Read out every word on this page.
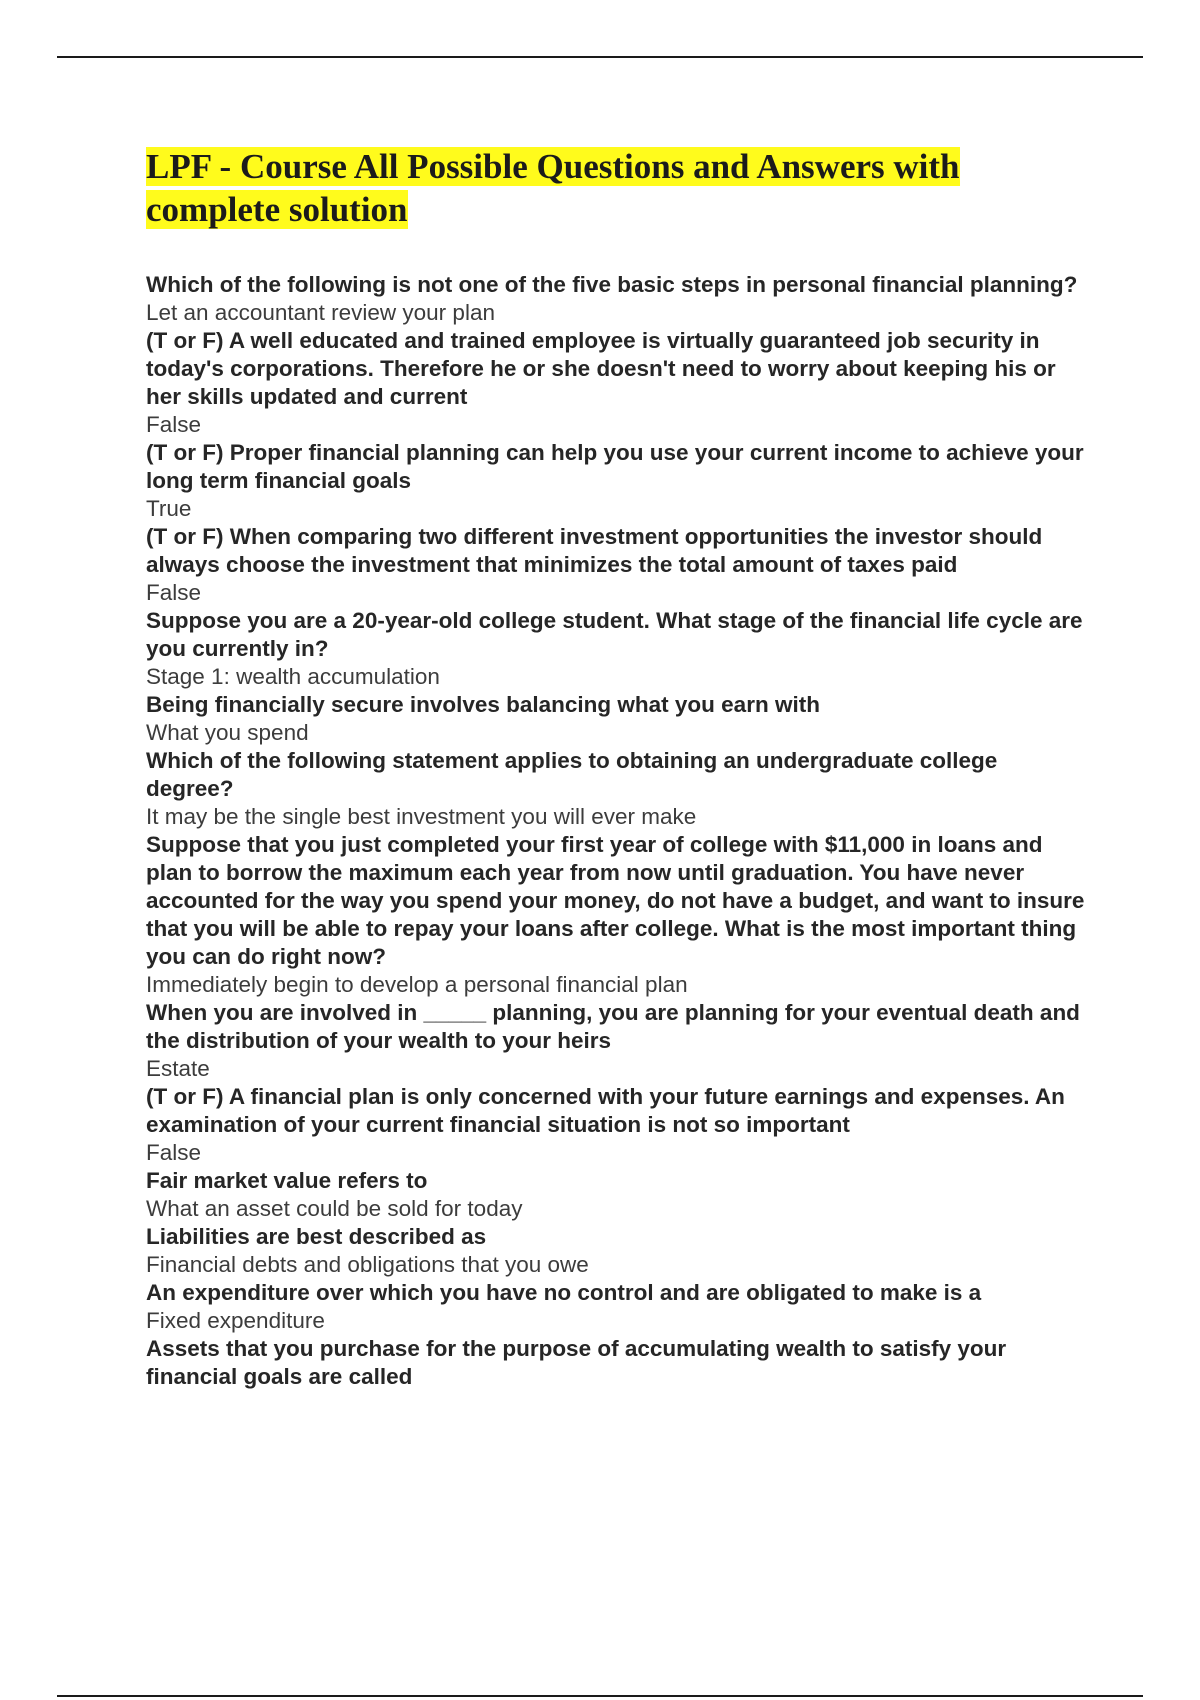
LPF - Course All Possible Questions and Answers with complete solution

Which of the following is not one of the five basic steps in personal financial planning?

Let an accountant review your plan

(T or F) A well educated and trained employee is virtually guaranteed job security in today's corporations. Therefore he or she doesn't need to worry about keeping his or her skills updated and current

False

(T or F) Proper financial planning can help you use your current income to achieve your long term financial goals

True

(T or F) When comparing two different investment opportunities the investor should always choose the investment that minimizes the total amount of taxes paid

False

Suppose you are a 20-year-old college student. What stage of the financial life cycle are you currently in?

Stage 1: wealth accumulation

Being financially secure involves balancing what you earn with

What you spend

Which of the following statement applies to obtaining an undergraduate college degree?

It may be the single best investment you will ever make

Suppose that you just completed your first year of college with $11,000 in loans and plan to borrow the maximum each year from now until graduation. You have never accounted for the way you spend your money, do not have a budget, and want to insure that you will be able to repay your loans after college. What is the most important thing you can do right now?

Immediately begin to develop a personal financial plan

When you are involved in _____ planning, you are planning for your eventual death and the distribution of your wealth to your heirs

Estate

(T or F) A financial plan is only concerned with your future earnings and expenses. An examination of your current financial situation is not so important

False

Fair market value refers to

What an asset could be sold for today

Liabilities are best described as

Financial debts and obligations that you owe

An expenditure over which you have no control and are obligated to make is a

Fixed expenditure

Assets that you purchase for the purpose of accumulating wealth to satisfy your financial goals are called
